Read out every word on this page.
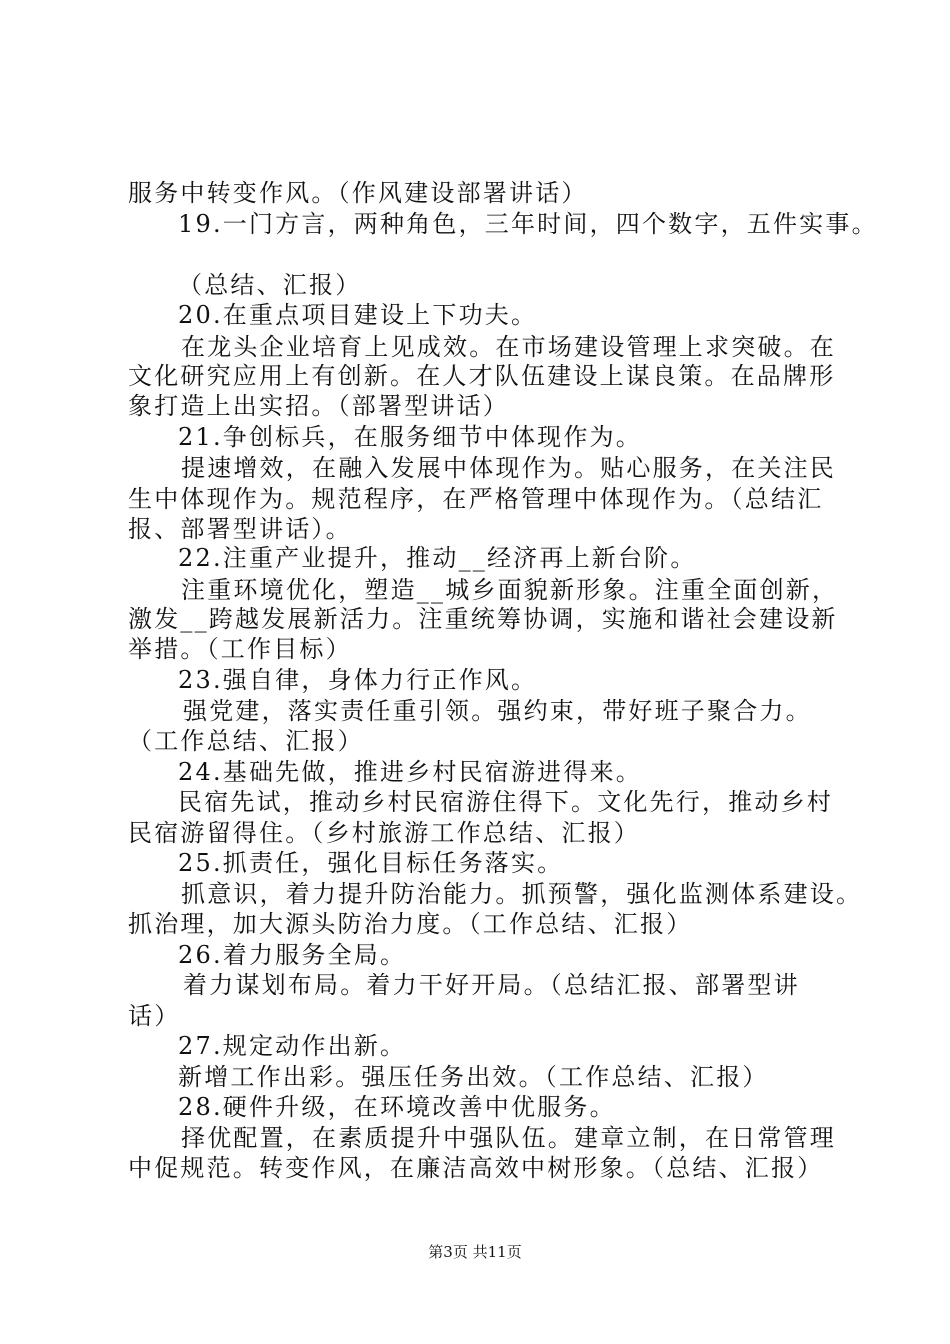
服务中转变作风。（作风建设部署讲话）
19.一门方言，两种角色，三年时间，四个数字，五件实事。
（总结、汇报）
20.在重点项目建设上下功夫。
在龙头企业培育上见成效。在市场建设管理上求突破。在
文化研究应用上有创新。在人才队伍建设上谋良策。在品牌形
象打造上出实招。（部署型讲话）
21.争创标兵，在服务细节中体现作为。
提速增效，在融入发展中体现作为。贴心服务，在关注民
生中体现作为。规范程序，在严格管理中体现作为。（总结汇
报、部署型讲话）。
22.注重产业提升，推动__经济再上新台阶。
注重环境优化，塑造__城乡面貌新形象。注重全面创新，
激发__跨越发展新活力。注重统筹协调，实施和谐社会建设新
举措。（工作目标）
23.强自律，身体力行正作风。
强党建，落实责任重引领。强约束，带好班子聚合力。
（工作总结、汇报）
24.基础先做，推进乡村民宿游进得来。
民宿先试，推动乡村民宿游住得下。文化先行，推动乡村
民宿游留得住。（乡村旅游工作总结、汇报）
25.抓责任，强化目标任务落实。
抓意识，着力提升防治能力。抓预警，强化监测体系建设。
抓治理，加大源头防治力度。（工作总结、汇报）
26.着力服务全局。
着力谋划布局。着力干好开局。（总结汇报、部署型讲
话）
27.规定动作出新。
新增工作出彩。强压任务出效。（工作总结、汇报）
28.硬件升级，在环境改善中优服务。
择优配置，在素质提升中强队伍。建章立制，在日常管理
中促规范。转变作风，在廉洁高效中树形象。（总结、汇报）
第3页 共11页
